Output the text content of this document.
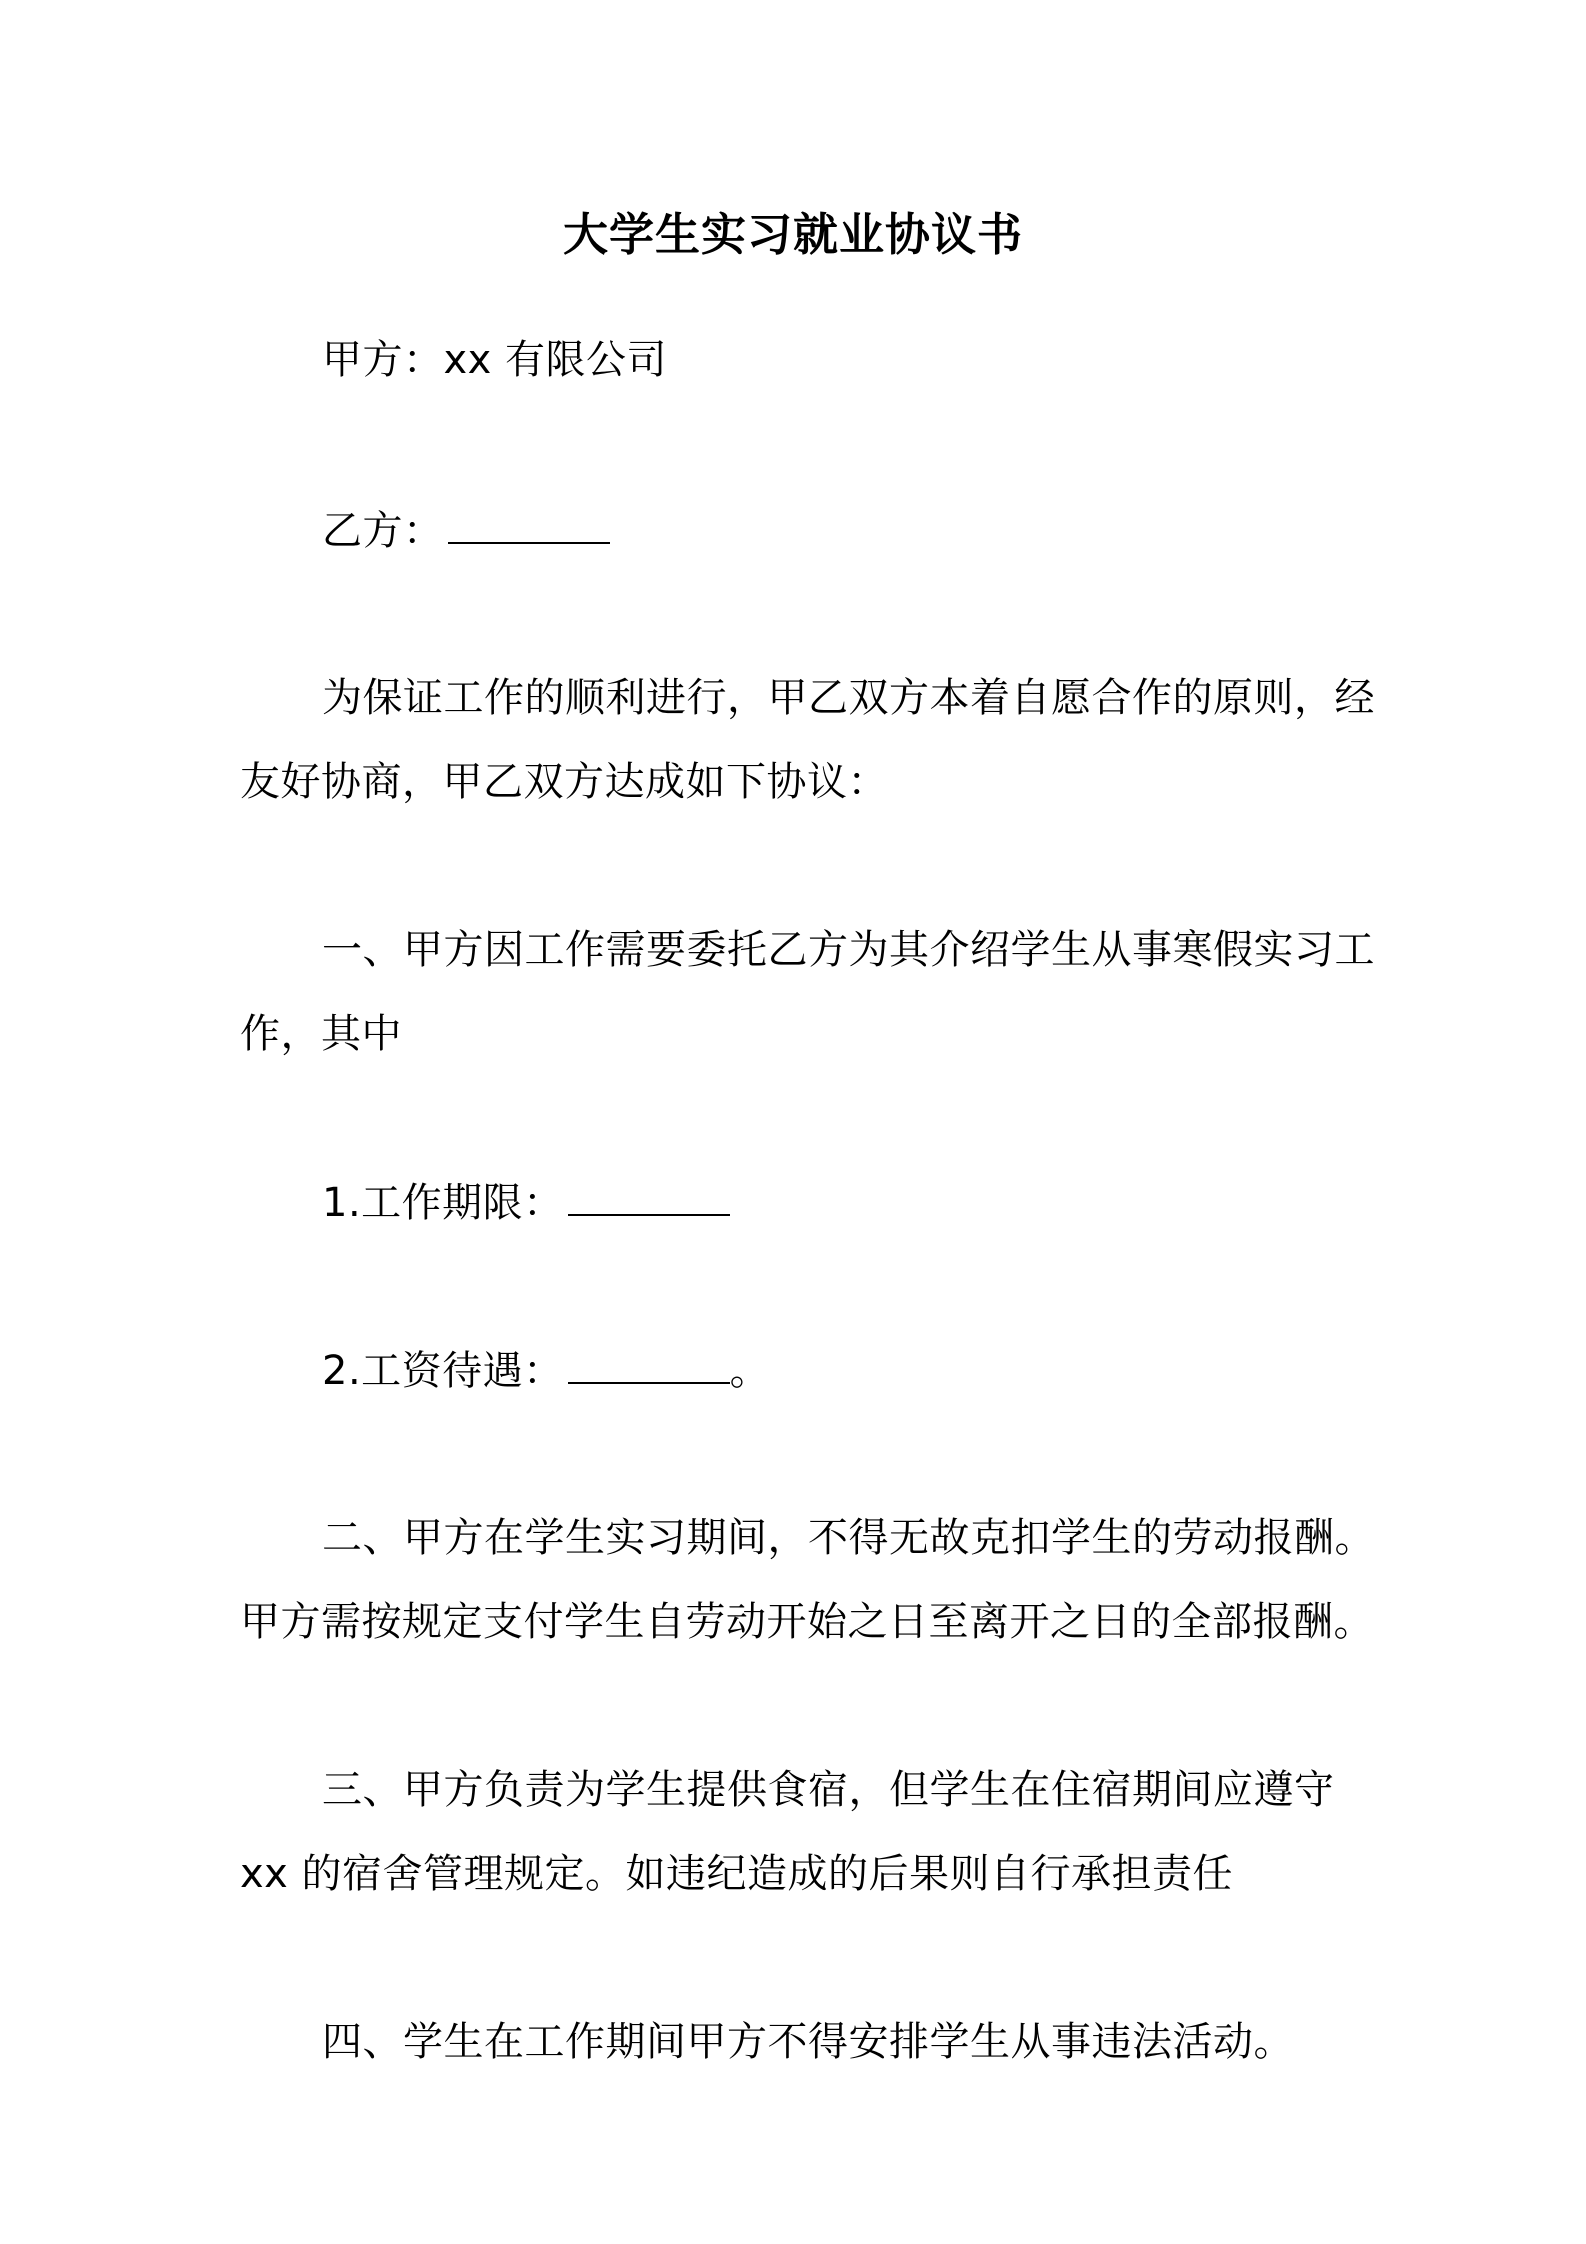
大学生实习就业协议书
甲方：xx 有限公司
乙方：
为保证工作的顺利进行，甲乙双方本着自愿合作的原则，经
友好协商，甲乙双方达成如下协议：
一、甲方因工作需要委托乙方为其介绍学生从事寒假实习工
作，其中
1.工作期限：
2.工资待遇：	。
二、甲方在学生实习期间，不得无故克扣学生的劳动报酬。
甲方需按规定支付学生自劳动开始之日至离开之日的全部报酬。
三、甲方负责为学生提供食宿，但学生在住宿期间应遵守
xx 的宿舍管理规定。如违纪造成的后果则自行承担责任
四、学生在工作期间甲方不得安排学生从事违法活动。
